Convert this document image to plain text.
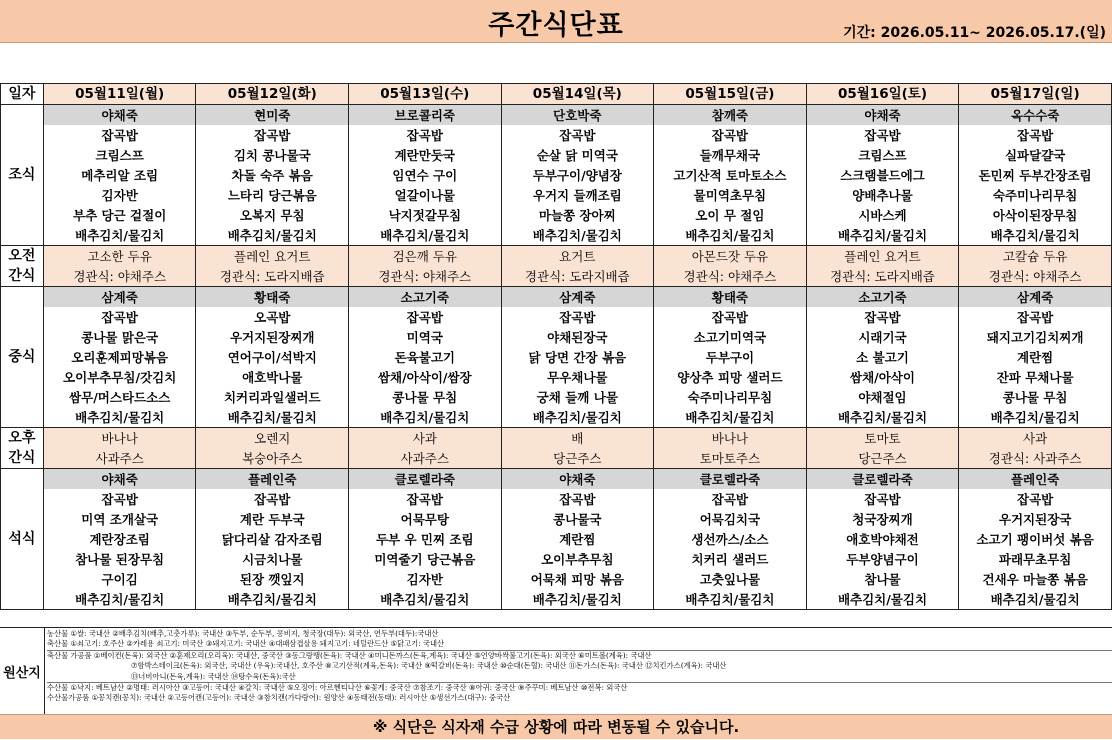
주간식단표	기간: 2026.05.11~ 2026.05.17.(일)
일자	05월11일(월)	05월12일(화)	05월13일(수)	05월14일(목)	05월15일(금)	05월16일(토)	05월17일(일)
조식	야채죽	현미죽	브로콜리죽	단호박죽	참깨죽	야채죽	옥수수죽
	잡곡밥	잡곡밥	잡곡밥	잡곡밥	잡곡밥	잡곡밥	잡곡밥
	크림스프	김치 콩나물국	계란만둣국	순살 닭 미역국	들깨무채국	크림스프	실파달걀국
	메추리알 조림	차돌 숙주 볶음	임연수 구이	두부구이/양념장	고기산적 토마토소스	스크램블드에그	돈민찌 두부간장조림
	김자반	느타리 당근볶음	얼갈이나물	우거지 들깨조림	물미역초무침	양배추나물	숙주미나리무침
	부추 당근 겉절이	오복지 무침	낙지젓갈무침	마늘쫑 장아찌	오이 무 절임	시바스케	아삭이된장무침
	배추김치/물김치	배추김치/물김치	배추김치/물김치	배추김치/물김치	배추김치/물김치	배추김치/물김치	배추김치/물김치
오전	고소한 두유	플레인 요거트	검은깨 두유	요거트	아몬드잣 두유	플레인 요거트	고칼슘 두유
간식	경관식: 야채주스	경관식: 도라지배즙	경관식: 야채주스	경관식: 도라지배즙	경관식: 야채주스	경관식: 도라지배즙	경관식: 야채주스
중식	삼계죽	황태죽	소고기죽	삼계죽	황태죽	소고기죽	삼계죽
	잡곡밥	오곡밥	잡곡밥	잡곡밥	잡곡밥	잡곡밥	잡곡밥
	콩나물 맑은국	우거지된장찌개	미역국	야채된장국	소고기미역국	시래기국	돼지고기김치찌개
	오리훈제피망볶음	연어구이/석박지	돈육불고기	닭 당면 간장 볶음	두부구이	소 불고기	계란찜
	오이부추무침/갓김치	애호박나물	쌈채/아삭이/쌈장	무우채나물	양상추 피망 샐러드	쌈채/아삭이	잔파 무채나물
	쌈무/머스타드소스	치커리과일샐러드	콩나물 무침	궁채 들깨 나물	숙주미나리무침	야채절임	콩나물 무침
	배추김치/물김치	배추김치/물김치	배추김치/물김치	배추김치/물김치	배추김치/물김치	배추김치/물김치	배추김치/물김치
오후	바나나	오렌지	사과	배	바나나	토마토	사과
간식	사과주스	복숭아주스	사과주스	당근주스	토마토주스	당근주스	경관식: 사과주스
석식	야채죽	플레인죽	클로렐라죽	야채죽	클로렐라죽	클로렐라죽	플레인죽
	잡곡밥	잡곡밥	잡곡밥	잡곡밥	잡곡밥	잡곡밥	잡곡밥
	미역 조개살국	계란 두부국	어묵무탕	콩나물국	어묵김치국	청국장찌개	우거지된장국
	계란장조림	닭다리살 감자조림	두부 우 민찌 조림	계란찜	생선까스/소스	애호박야채전	소고기 팽이버섯 볶음
	참나물 된장무침	시금치나물	미역줄기 당근볶음	오이부추무침	치커리 샐러드	두부양념구이	파래무초무침
	구이김	된장 깻잎지	김자반	어묵채 피망 볶음	고춧잎나물	참나물	건새우 마늘쫑 볶음
	배추김치/물김치	배추김치/물김치	배추김치/물김치	배추김치/물김치	배추김치/물김치	배추김치/물김치	배추김치/물김치
원산지
농산물 ①쌀: 국내산 ②배추김치(배추,고춧가루): 국내산 ③두부, 순두부, 콩비지, 청국장(대두): 외국산, 연두부(대두):국내산
축산물 ①쇠고기: 호주산 ②카레용 쇠고기: 미국산 ③돼지고기: 국내산 ④대패삼겹살용 돼지고기: 네덜란드산 ⑤닭고기: 국내산
축산물 가공품 ①베이컨(돈육): 외국산 ②훈제오리(오리육): 국내산, 중국산 ③동그랑땡(돈육): 국내산 ④미니돈까스(돈육,계육): 국내산 ⑤언양바싹불고기(돈육): 외국산 ⑥미트볼(계육): 국내산
⑦함박스테이크(돈육): 외국산, 국내산 (우육):국내산, 호주산 ⑧고기산적(계육,돈육): 국내산 ⑨떡갈비(돈육): 국내산 ⑩순대(돈혈): 국내산 ⑪돈가스(돈육): 국내산 ⑫치킨가스(계육): 국내산
⑬너비아니(돈육,계육): 국내산 ⑭탕수육(돈육):국산
수산물 ①낙지: 베트남산 ②명태: 러시아산 ③고등어: 국내산 ④갈치: 국내산 ⑤오징어: 아르헨티나산 ⑥꽃게: 중국산 ⑦참조기: 중국산 ⑧아귀: 중국산 ⑨주꾸미: 베트남산 ⑩전복: 외국산
수산물가공품 ①꽁치캔(꽁치): 국내산 ②고등어캔(고등어): 국내산 ③참치캔(가다랑어): 원양산 ④동태전(동태): 러시아산 ⑤생선가스(대구): 중국산
※ 식단은 식자재 수급 상황에 따라 변동될 수 있습니다.
